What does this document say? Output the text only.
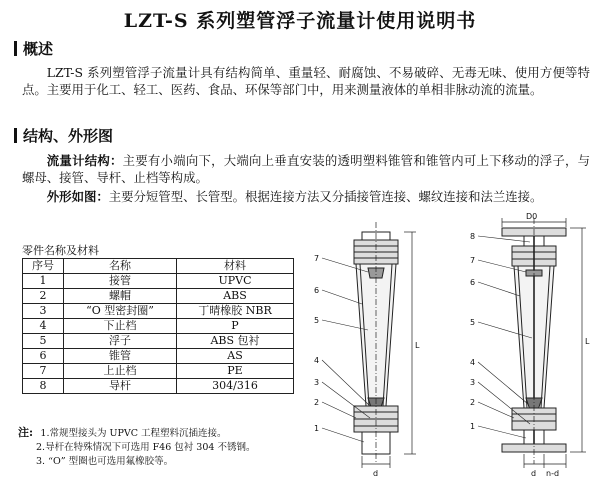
LZT-S 系列塑管浮子流量计使用说明书
概述
LZT-S 系列塑管浮子流量计具有结构简单、重量轻、耐腐蚀、不易破碎、无毒无味、使用方便等特点。主要用于化工、轻工、医药、食品、环保等部门中，用来测量液体的单相非脉动流的流量。
结构、外形图
流量计结构：主要有小端向下，大端向上垂直安装的透明塑料锥管和锥管内可上下移动的浮子，与螺母、接管、导杆、止档等构成。
外形如图：主要分短管型、长管型。根据连接方法又分插接管连接、螺纹连接和法兰连接。
零件名称及材料
序号	名称	材料
1	接管	UPVC
2	螺帽	ABS
3	“O 型密封圈”	丁晴橡胶 NBR
4	下止档	P
5	浮子	ABS 包衬
6	锥管	AS
7	上止档	PE
8	导杆	304/316
注: 1.常规型接头为 UPVC 工程塑料沉插连接。
2.导杆在特殊情况下可选用 F46 包衬 304 不锈钢。
3. “O” 型圈也可选用氟橡胶等。
7
6
5
4
3
2
1
L
d
8
7
6
5
4
3
2
1
D0
L
d n-d
